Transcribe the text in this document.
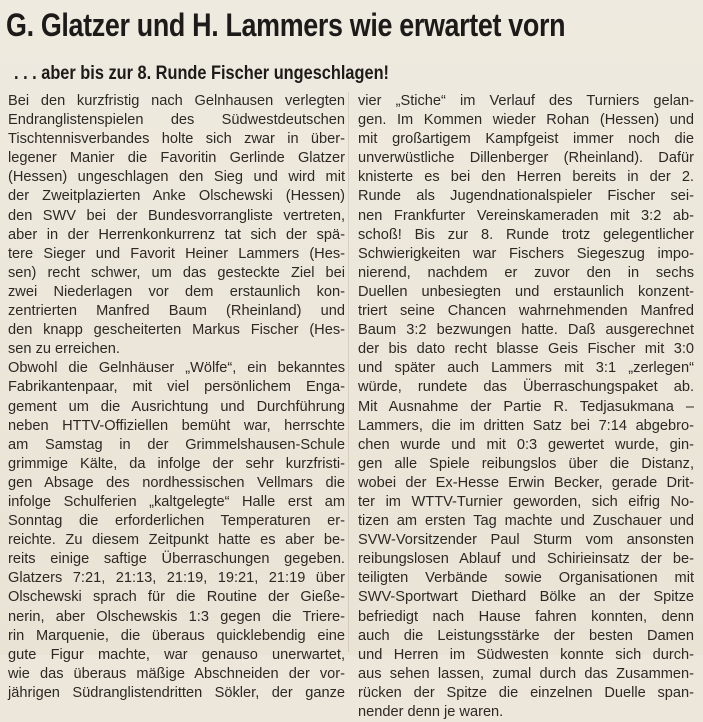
G. Glatzer und H. Lammers wie erwartet vorn
. . . aber bis zur 8. Runde Fischer ungeschlagen!
Bei den kurzfristig nach Gelnhausen verlegten
Endranglistenspielen des Südwestdeutschen
Tischtennisverbandes holte sich zwar in über-
legener Manier die Favoritin Gerlinde Glatzer
(Hessen) ungeschlagen den Sieg und wird mit
der Zweitplazierten Anke Olschewski (Hessen)
den SWV bei der Bundesvorrangliste vertreten,
aber in der Herrenkonkurrenz tat sich der spä-
tere Sieger und Favorit Heiner Lammers (Hes-
sen) recht schwer, um das gesteckte Ziel bei
zwei Niederlagen vor dem erstaunlich kon-
zentrierten Manfred Baum (Rheinland) und
den knapp gescheiterten Markus Fischer (Hes-
sen zu erreichen.
Obwohl die Gelnhäuser „Wölfe“, ein bekanntes
Fabrikantenpaar, mit viel persönlichem Enga-
gement um die Ausrichtung und Durchführung
neben HTTV-Offiziellen bemüht war, herrschte
am Samstag in der Grimmelshausen-Schule
grimmige Kälte, da infolge der sehr kurzfristi-
gen Absage des nordhessischen Vellmars die
infolge Schulferien „kaltgelegte“ Halle erst am
Sonntag die erforderlichen Temperaturen er-
reichte. Zu diesem Zeitpunkt hatte es aber be-
reits einige saftige Überraschungen gegeben.
Glatzers 7:21, 21:13, 21:19, 19:21, 21:19 über
Olschewski sprach für die Routine der Gieße-
nerin, aber Olschewskis 1:3 gegen die Triere-
rin Marquenie, die überaus quicklebendig eine
gute Figur machte, war genauso unerwartet,
wie das überaus mäßige Abschneiden der vor-
jährigen Südranglistendritten Sökler, der ganze
vier „Stiche“ im Verlauf des Turniers gelan-
gen. Im Kommen wieder Rohan (Hessen) und
mit großartigem Kampfgeist immer noch die
unverwüstliche Dillenberger (Rheinland). Dafür
knisterte es bei den Herren bereits in der 2.
Runde als Jugendnationalspieler Fischer sei-
nen Frankfurter Vereinskameraden mit 3:2 ab-
schoß! Bis zur 8. Runde trotz gelegentlicher
Schwierigkeiten war Fischers Siegeszug impo-
nierend, nachdem er zuvor den in sechs
Duellen unbesiegten und erstaunlich konzent-
triert seine Chancen wahrnehmenden Manfred
Baum 3:2 bezwungen hatte. Daß ausgerechnet
der bis dato recht blasse Geis Fischer mit 3:0
und später auch Lammers mit 3:1 „zerlegen“
würde, rundete das Überraschungspaket ab.
Mit Ausnahme der Partie R. Tedjasukmana –
Lammers, die im dritten Satz bei 7:14 abgebro-
chen wurde und mit 0:3 gewertet wurde, gin-
gen alle Spiele reibungslos über die Distanz,
wobei der Ex-Hesse Erwin Becker, gerade Drit-
ter im WTTV-Turnier geworden, sich eifrig No-
tizen am ersten Tag machte und Zuschauer und
SVW-Vorsitzender Paul Sturm vom ansonsten
reibungslosen Ablauf und Schirieinsatz der be-
teiligten Verbände sowie Organisationen mit
SWV-Sportwart Diethard Bölke an der Spitze
befriedigt nach Hause fahren konnten, denn
auch die Leistungsstärke der besten Damen
und Herren im Südwesten konnte sich durch-
aus sehen lassen, zumal durch das Zusammen-
rücken der Spitze die einzelnen Duelle span-
nender denn je waren.
